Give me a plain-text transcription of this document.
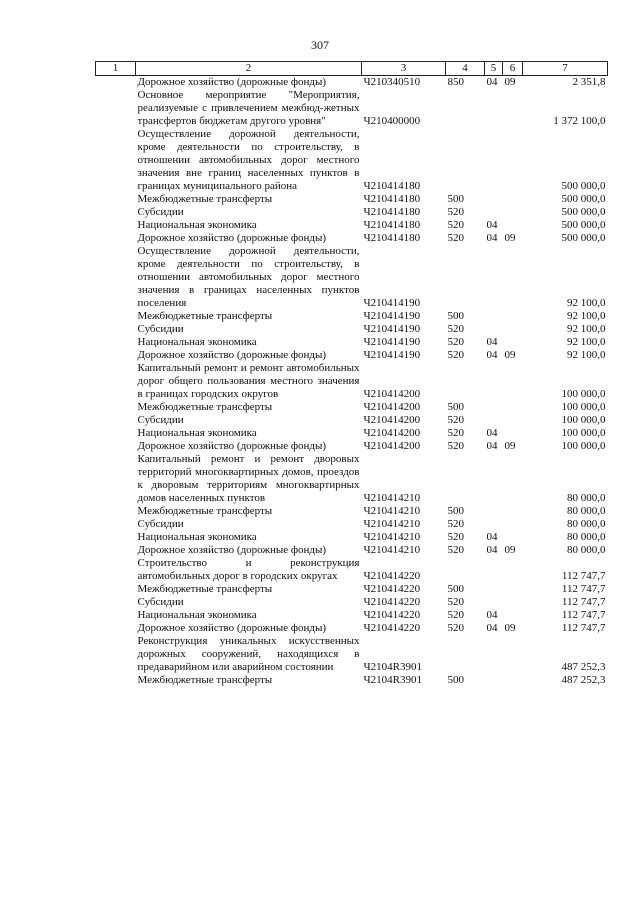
307
1	2	3	4	5	6	7
	Дорожное хозяйство (дорожные фонды)	Ч210340510	850	04	09	2 351,8
	Основное мероприятие "Мероприятия, реализуемые с привлечением межбюд-жетных трансфертов бюджетам другого уровня"	Ч210400000				1 372 100,0
	Осуществление дорожной деятельности, кроме деятельности по строительству, в отношении автомобильных дорог местного значения вне границ населенных пунктов в границах муниципального района	Ч210414180				500 000,0
	Межбюджетные трансферты	Ч210414180	500			500 000,0
	Субсидии	Ч210414180	520			500 000,0
	Национальная экономика	Ч210414180	520	04		500 000,0
	Дорожное хозяйство (дорожные фонды)	Ч210414180	520	04	09	500 000,0
	Осуществление дорожной деятельности, кроме деятельности по строительству, в отношении автомобильных дорог местного значения в границах населенных пунктов поселения	Ч210414190				92 100,0
	Межбюджетные трансферты	Ч210414190	500			92 100,0
	Субсидии	Ч210414190	520			92 100,0
	Национальная экономика	Ч210414190	520	04		92 100,0
	Дорожное хозяйство (дорожные фонды)	Ч210414190	520	04	09	92 100,0
	Капитальный ремонт и ремонт автомобильных дорог общего пользования местного значения в границах городских округов	Ч210414200				100 000,0
	Межбюджетные трансферты	Ч210414200	500			100 000,0
	Субсидии	Ч210414200	520			100 000,0
	Национальная экономика	Ч210414200	520	04		100 000,0
	Дорожное хозяйство (дорожные фонды)	Ч210414200	520	04	09	100 000,0
	Капитальный ремонт и ремонт дворовых территорий многоквартирных домов, проездов к дворовым территориям многоквартирных домов населенных пунктов	Ч210414210				80 000,0
	Межбюджетные трансферты	Ч210414210	500			80 000,0
	Субсидии	Ч210414210	520			80 000,0
	Национальная экономика	Ч210414210	520	04		80 000,0
	Дорожное хозяйство (дорожные фонды)	Ч210414210	520	04	09	80 000,0
	Строительство и реконструкция автомобильных дорог в городских округах	Ч210414220				112 747,7
	Межбюджетные трансферты	Ч210414220	500			112 747,7
	Субсидии	Ч210414220	520			112 747,7
	Национальная экономика	Ч210414220	520	04		112 747,7
	Дорожное хозяйство (дорожные фонды)	Ч210414220	520	04	09	112 747,7
	Реконструкция уникальных искусственных дорожных сооружений, находящихся в предаварийном или аварийном состоянии	Ч2104R3901				487 252,3
	Межбюджетные трансферты	Ч2104R3901	500			487 252,3
